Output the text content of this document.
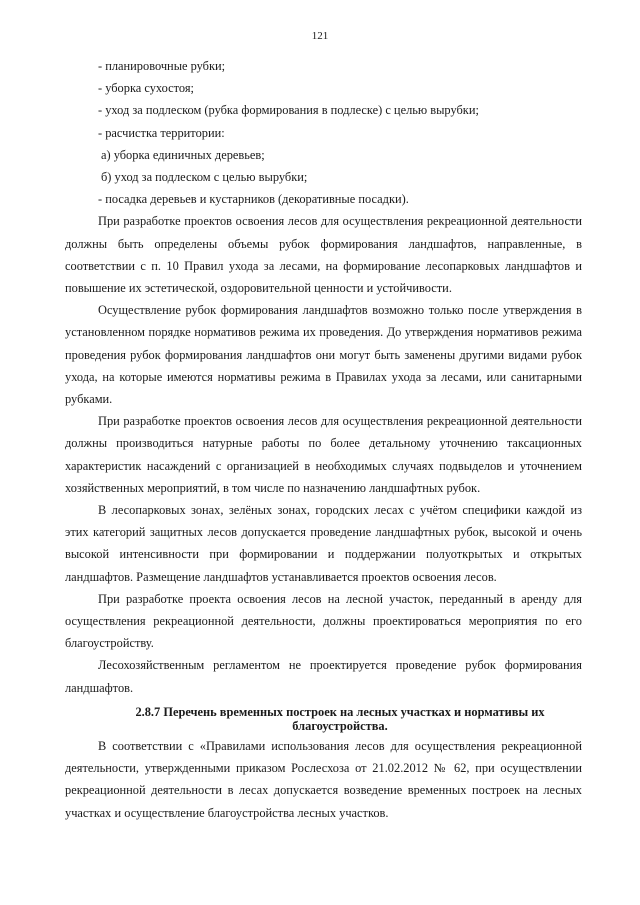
121
- планировочные рубки;
- уборка сухостоя;
- уход за подлеском (рубка формирования в подлеске) с целью вырубки;
- расчистка территории:
а) уборка единичных деревьев;
б) уход за подлеском с целью вырубки;
- посадка деревьев и кустарников (декоративные посадки).

При разработке проектов освоения лесов для осуществления рекреационной деятельности должны быть определены объемы рубок формирования ландшафтов, направленные, в соответствии с п. 10 Правил ухода за лесами, на формирование лесопарковых ландшафтов и повышение их эстетической, оздоровительной ценности и устойчивости.

Осуществление рубок формирования ландшафтов возможно только после утверждения в установленном порядке нормативов режима их проведения. До утверждения нормативов режима проведения рубок формирования ландшафтов они могут быть заменены другими видами рубок ухода, на которые имеются нормативы режима в Правилах ухода за лесами, или санитарными рубками.

При разработке проектов освоения лесов для осуществления рекреационной деятельности должны производиться натурные работы по более детальному уточнению таксационных характеристик насаждений с организацией в необходимых случаях подвыделов и уточнением хозяйственных мероприятий, в том числе по назначению ландшафтных рубок.

В лесопарковых зонах, зелёных зонах, городских лесах с учётом специфики каждой из этих категорий защитных лесов допускается проведение ландшафтных рубок, высокой и очень высокой интенсивности при формировании и поддержании полуоткрытых и открытых ландшафтов. Размещение ландшафтов устанавливается проектов освоения лесов.

При разработке проекта освоения лесов на лесной участок, переданный в аренду для осуществления рекреационной деятельности, должны проектироваться мероприятия по его благоустройству.

Лесохозяйственным регламентом не проектируется проведение рубок формирования ландшафтов.

2.8.7 Перечень временных построек на лесных участках и нормативы их благоустройства.

В соответствии с «Правилами использования лесов для осуществления рекреационной деятельности, утвержденными приказом Рослесхоза от 21.02.2012 № 62, при осуществлении рекреационной деятельности в лесах допускается возведение временных построек на лесных участках и осуществление благоустройства лесных участков.
